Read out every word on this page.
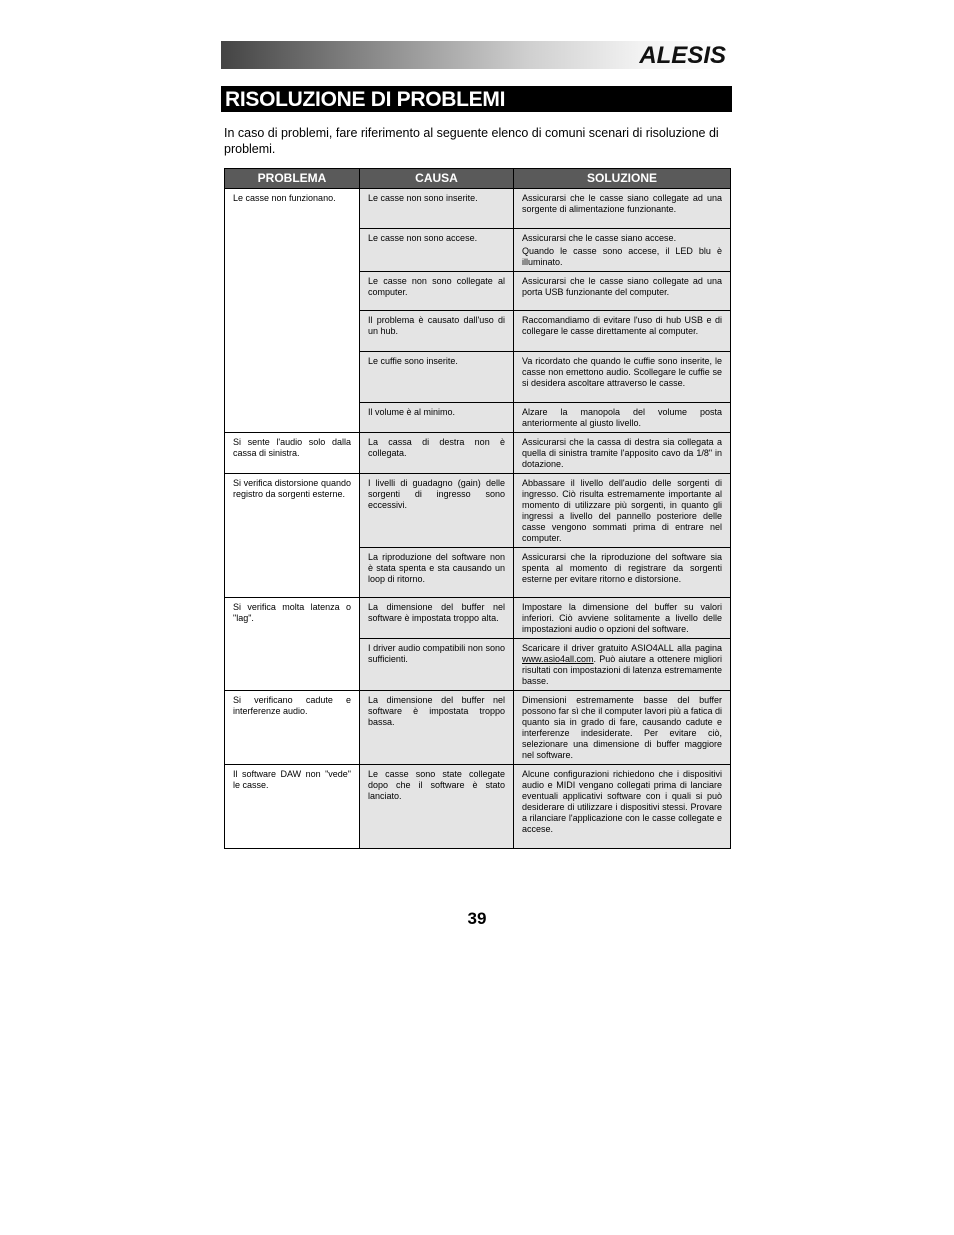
ALESIS
RISOLUZIONE DI PROBLEMI

In caso di problemi, fare riferimento al seguente elenco di comuni scenari di risoluzione di problemi.

PROBLEMA	CAUSA	SOLUZIONE

Le casse non funzionano.	Le casse non sono inserite.	Assicurarsi che le casse siano collegate ad una sorgente di alimentazione funzionante.

	Le casse non sono accese.	Assicurarsi che le casse siano accese.

Quando le casse sono accese, il LED blu è illuminato.

	Le casse non sono collegate al computer.	Assicurarsi che le casse siano collegate ad una porta USB funzionante del computer.

	Il problema è causato dall'uso di un hub.	Raccomandiamo di evitare l'uso di hub USB e di collegare le casse direttamente al computer.

	Le cuffie sono inserite.	Va ricordato che quando le cuffie sono inserite, le casse non emettono audio. Scollegare le cuffie se si desidera ascoltare attraverso le casse.

	Il volume è al minimo.	Alzare la manopola del volume posta anteriormente al giusto livello.

Si sente l'audio solo dalla cassa di sinistra.	La cassa di destra non è collegata.	Assicurarsi che la cassa di destra sia collegata a quella di sinistra tramite l'apposito cavo da 1/8" in dotazione.

Si verifica distorsione quando registro da sorgenti esterne.	I livelli di guadagno (gain) delle sorgenti di ingresso sono eccessivi.	Abbassare il livello dell'audio delle sorgenti di ingresso. Ciò risulta estremamente importante al momento di utilizzare più sorgenti, in quanto gli ingressi a livello del pannello posteriore delle casse vengono sommati prima di entrare nel computer.

	La riproduzione del software non è stata spenta e sta causando un loop di ritorno.	Assicurarsi che la riproduzione del software sia spenta al momento di registrare da sorgenti esterne per evitare ritorno e distorsione.

Si verifica molta latenza o "lag".	La dimensione del buffer nel software è impostata troppo alta.	Impostare la dimensione del buffer su valori inferiori. Ciò avviene solitamente a livello delle impostazioni audio o opzioni del software.

	I driver audio compatibili non sono sufficienti.	Scaricare il driver gratuito ASIO4ALL alla pagina www.asio4all.com. Può aiutare a ottenere migliori risultati con impostazioni di latenza estremamente basse.

Si verificano cadute e interferenze audio.	La dimensione del buffer nel software è impostata troppo bassa.	Dimensioni estremamente basse del buffer possono far sì che il computer lavori più a fatica di quanto sia in grado di fare, causando cadute e interferenze indesiderate. Per evitare ciò, selezionare una dimensione di buffer maggiore nel software.

Il software DAW non "vede" le casse.	Le casse sono state collegate dopo che il software è stato lanciato.	Alcune configurazioni richiedono che i dispositivi audio e MIDI vengano collegati prima di lanciare eventuali applicativi software con i quali si può desiderare di utilizzare i dispositivi stessi. Provare a rilanciare l'applicazione con le casse collegate e accese.

39
